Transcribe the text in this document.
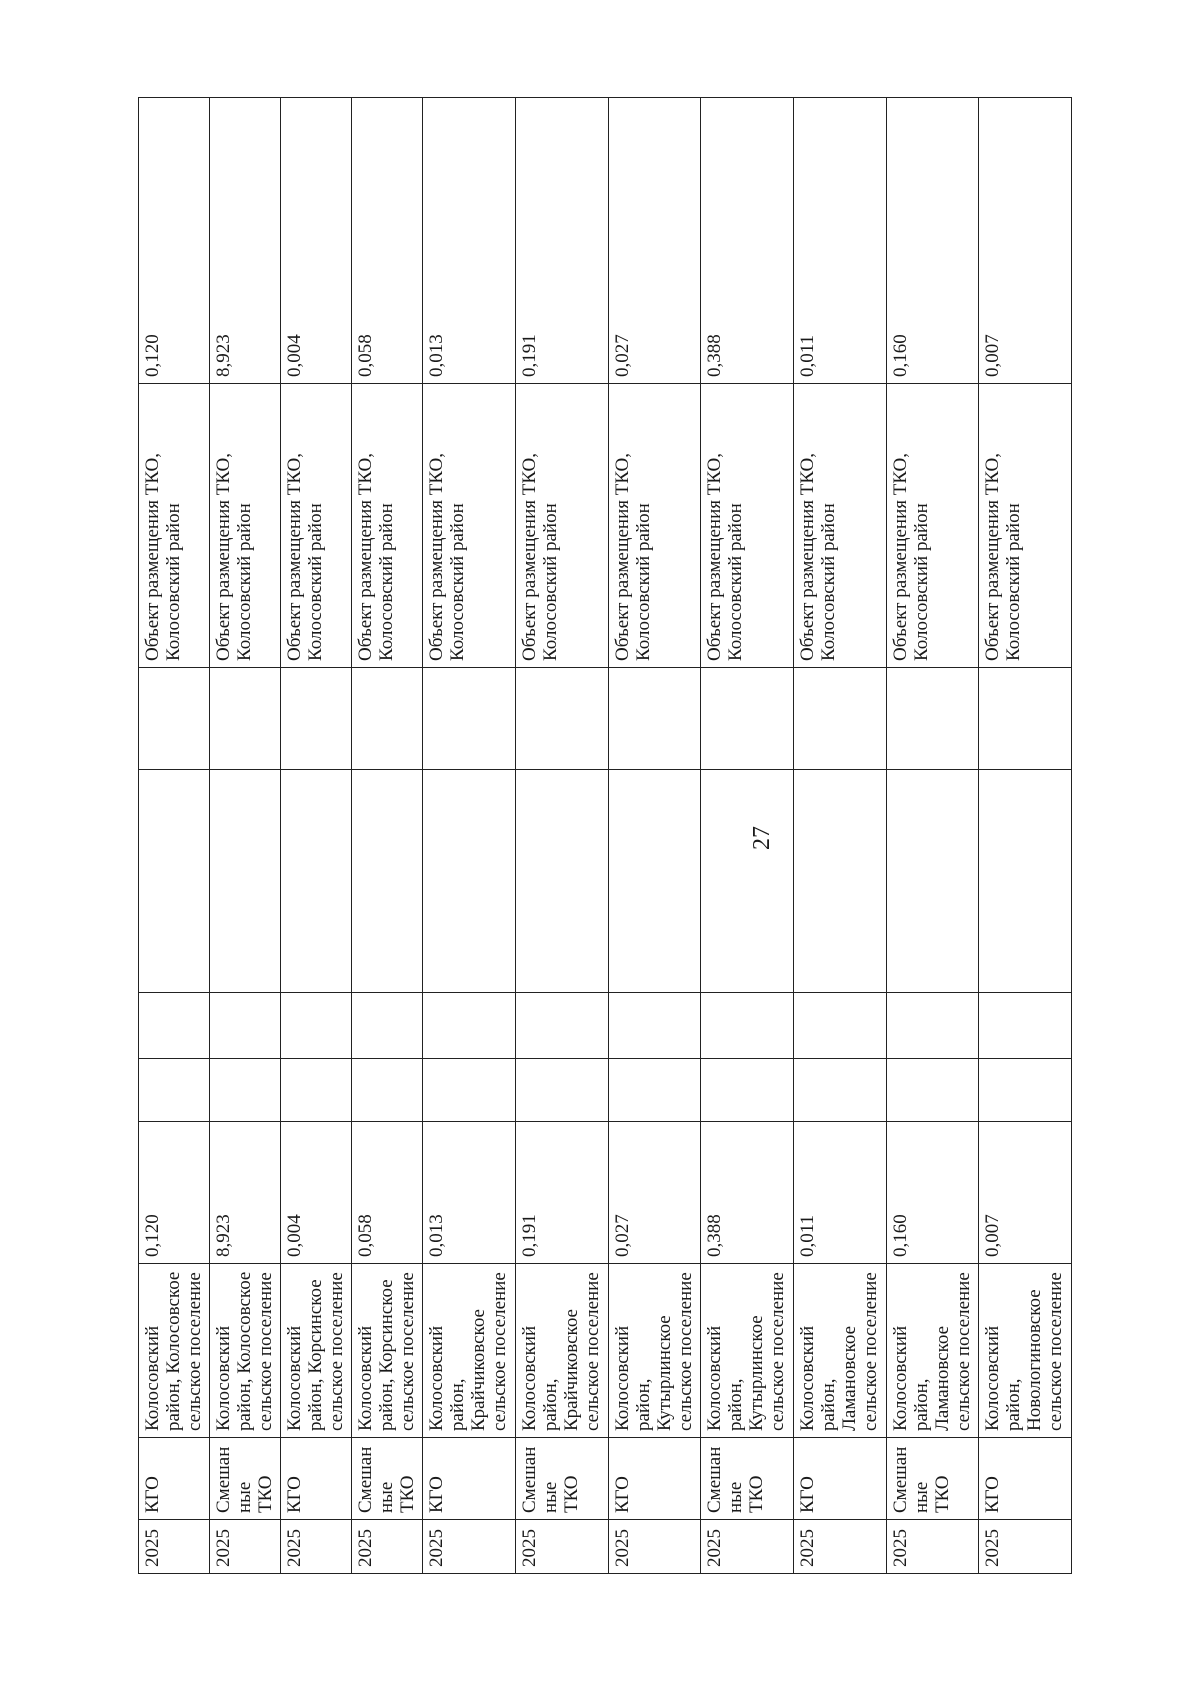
27
2025	КГО	Колосовский район, Колосовское сельское поселение	0,120					Объект размещения ТКО, Колосовский район	0,120

2025	Смешанные ТКО	Колосовский район, Колосовское сельское поселение	8,923					Объект размещения ТКО, Колосовский район	8,923

2025	КГО	Колосовский район, Корсинское сельское поселение	0,004					Объект размещения ТКО, Колосовский район	0,004

2025	Смешанные ТКО	Колосовский район, Корсинское сельское поселение	0,058					Объект размещения ТКО, Колосовский район	0,058

2025	КГО	Колосовский район, Крайчиковское сельское поселение	0,013					Объект размещения ТКО, Колосовский район	0,013

2025	Смешанные ТКО	Колосовский район, Крайчиковское сельское поселение	0,191					Объект размещения ТКО, Колосовский район	0,191

2025	КГО	Колосовский район, Кутырлинское сельское поселение	0,027					Объект размещения ТКО, Колосовский район	0,027

2025	Смешанные ТКО	Колосовский район, Кутырлинское сельское поселение	0,388					Объект размещения ТКО, Колосовский район	0,388

2025	КГО	Колосовский район, Ламановское сельское поселение	0,011					Объект размещения ТКО, Колосовский район	0,011

2025	Смешанные ТКО	Колосовский район, Ламановское сельское поселение	0,160					Объект размещения ТКО, Колосовский район	0,160

2025	КГО	Колосовский район, Новологиновское сельское поселение	0,007					Объект размещения ТКО, Колосовский район	0,007
